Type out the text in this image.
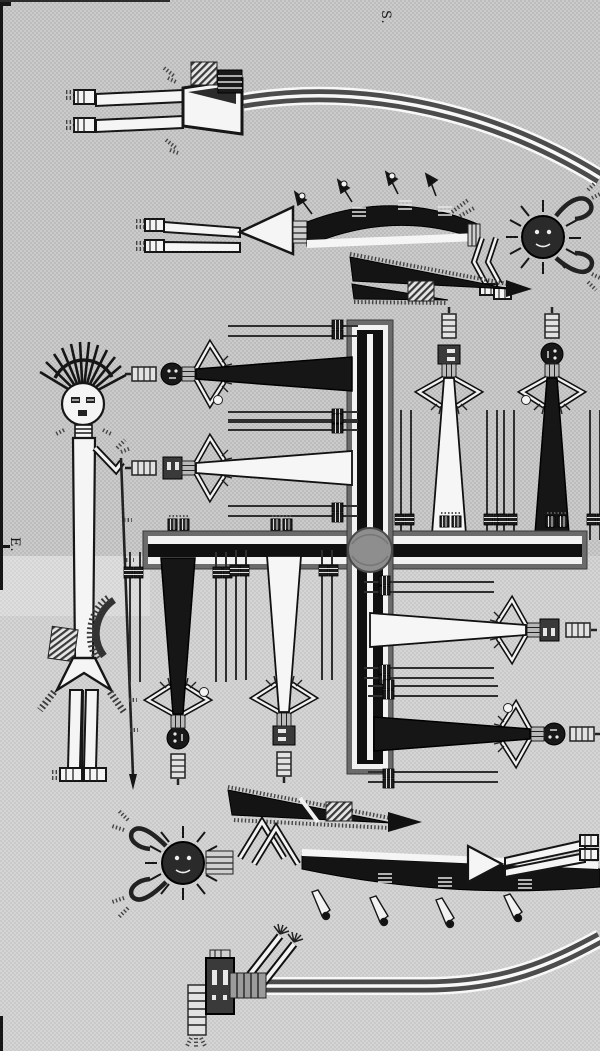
S.
E.
